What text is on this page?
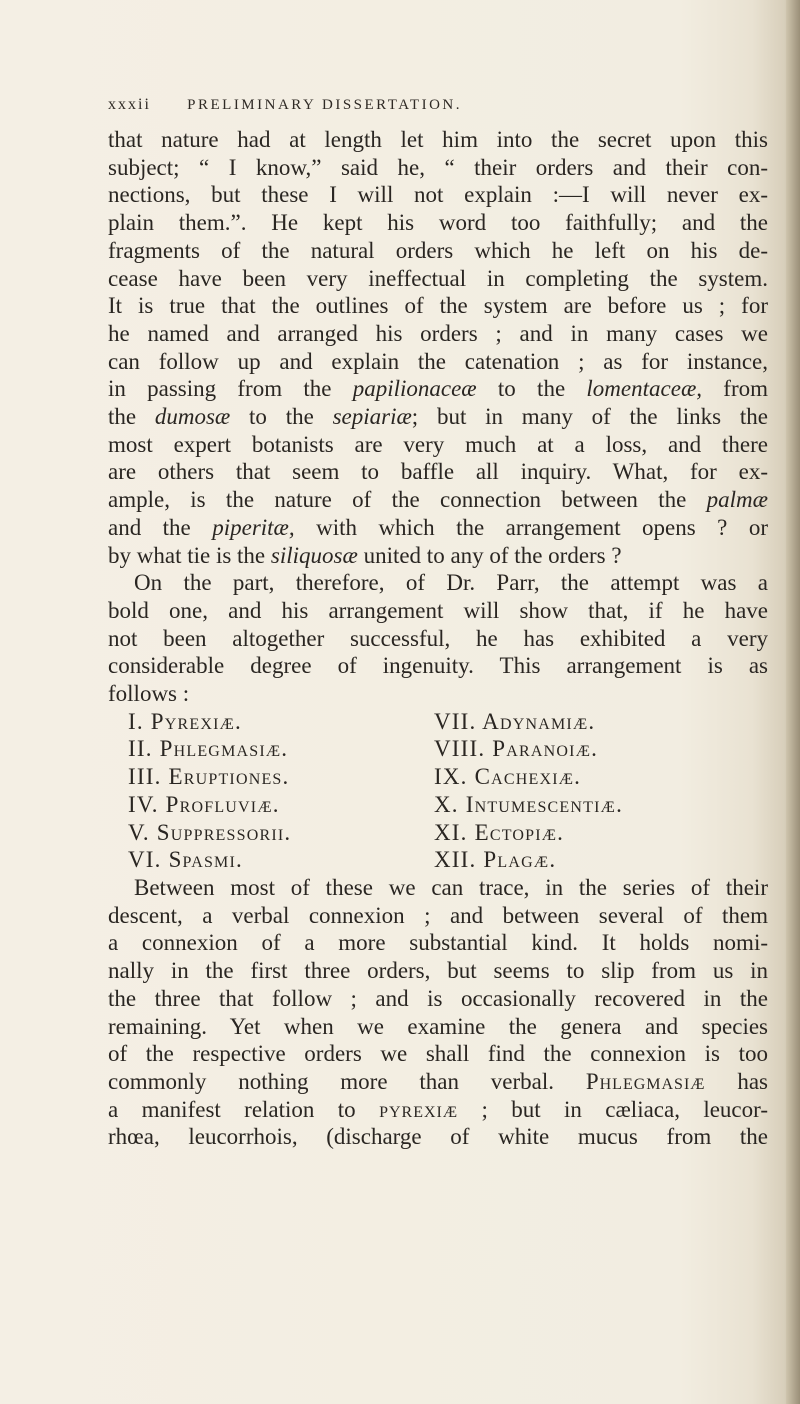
xxxii PRELIMINARY DISSERTATION.
that nature had at length let him into the secret upon this
subject; “ I know,” said he, “ their orders and their con-
nections, but these I will not explain :—I will never ex-
plain them.”. He kept his word too faithfully; and the
fragments of the natural orders which he left on his de-
cease have been very ineffectual in completing the system.
It is true that the outlines of the system are before us ; for
he named and arranged his orders ; and in many cases we
can follow up and explain the catenation ; as for instance,
in passing from the papilionaceæ to the lomentaceæ, from
the dumosæ to the sepiariæ; but in many of the links the
most expert botanists are very much at a loss, and there
are others that seem to baffle all inquiry. What, for ex-
ample, is the nature of the connection between the palmæ
and the piperitæ, with which the arrangement opens ? or
by what tie is the siliquosæ united to any of the orders ?
On the part, therefore, of Dr. Parr, the attempt was a
bold one, and his arrangement will show that, if he have
not been altogether successful, he has exhibited a very
considerable degree of ingenuity. This arrangement is as
follows :
I. Pyrexiæ.	VII. Adynamiæ.
II. Phlegmasiæ.	VIII. Paranoiæ.
III. Eruptiones.	IX. Cachexiæ.
IV. Profluviæ.	X. Intumescentiæ.
V. Suppressorii.	XI. Ectopiæ.
VI. Spasmi.	XII. Plagæ.
Between most of these we can trace, in the series of their
descent, a verbal connexion ; and between several of them
a connexion of a more substantial kind. It holds nomi-
nally in the first three orders, but seems to slip from us in
the three that follow ; and is occasionally recovered in the
remaining. Yet when we examine the genera and species
of the respective orders we shall find the connexion is too
commonly nothing more than verbal. Phlegmasiæ has
a manifest relation to pyrexiæ ; but in cæliaca, leucor-
rhœa, leucorrhois, (discharge of white mucus from the
